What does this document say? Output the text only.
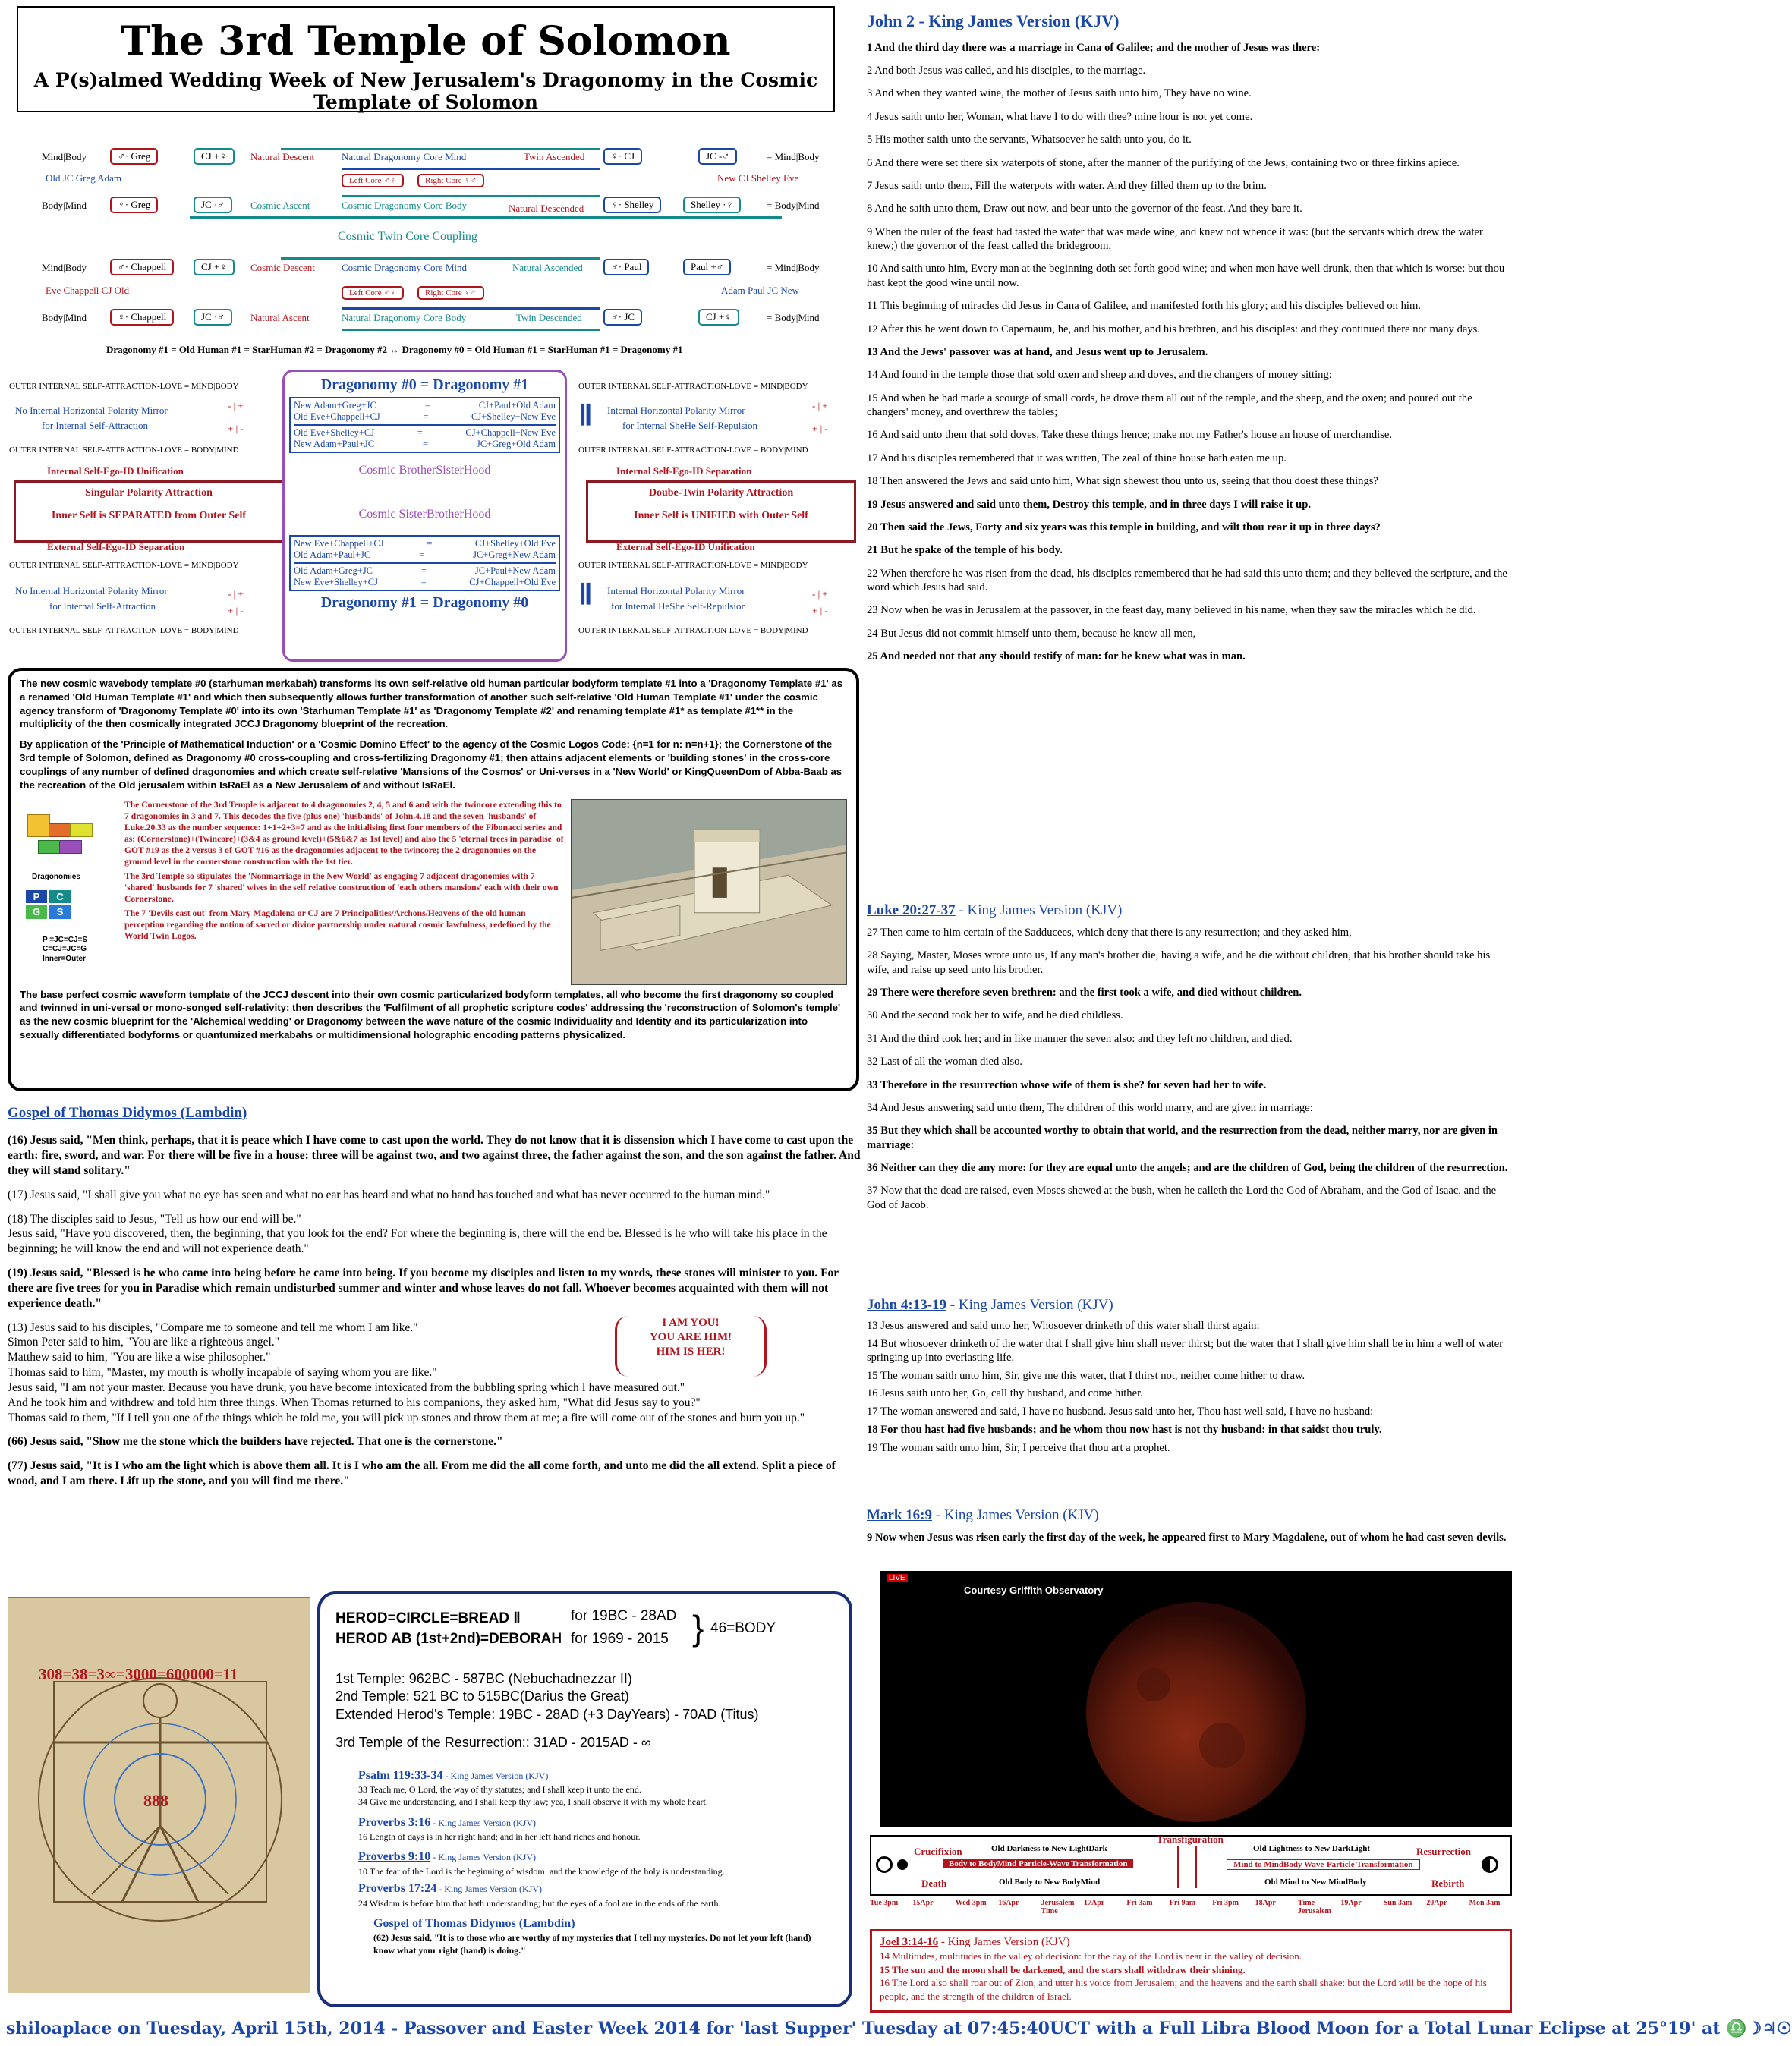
The 3rd Temple of Solomon
A P(s)almed Wedding Week of New Jerusalem's Dragonomy in the Cosmic Template of Solomon
Mind|Body	♂· Greg	CJ +♀	Natural Descent	Natural Dragonomy Core Mind	Twin Ascended	♀· CJ	JC -♂	= Mind|Body
Old JC Greg Adam	Left Core ♂♀	Right Core ♀♂	New CJ Shelley Eve
Body|Mind	♀· Greg	JC ·♂	Cosmic Ascent	Cosmic Dragonomy Core Body	Natural Descended	♀· Shelley	Shelley ·♀	= Body|Mind
Cosmic Twin Core Coupling
Mind|Body	♂· Chappell	CJ +♀	Cosmic Descent	Cosmic Dragonomy Core Mind	Natural Ascended	♂· Paul	Paul +♂	= Mind|Body
Eve Chappell CJ Old	Left Core ♂♀	Right Core ♀♂	Adam Paul JC New
Body|Mind	♀· Chappell	JC ·♂	Natural Ascent	Natural Dragonomy Core Body	Twin Descended	♂· JC	CJ +♀	= Body|Mind
Dragonomy #1 = Old Human #1 = StarHuman #2 = Dragonomy #2 ↔ Dragonomy #0 = Old Human #1 = StarHuman #1 = Dragonomy #1
OUTER INTERNAL SELF-ATTRACTION-LOVE = MIND|BODY
No Internal Horizontal Polarity Mirror
for Internal Self-Attraction
- | +
+ | -
OUTER INTERNAL SELF-ATTRACTION-LOVE = BODY|MIND
Internal Self-Ego-ID Unification
Singular Polarity Attraction
Inner Self is SEPARATED from Outer Self
External Self-Ego-ID Separation
OUTER INTERNAL SELF-ATTRACTION-LOVE = MIND|BODY
No Internal Horizontal Polarity Mirror
for Internal Self-Attraction
- | +
+ | -
OUTER INTERNAL SELF-ATTRACTION-LOVE = BODY|MIND
Dragonomy #0 = Dragonomy #1
New Adam+Greg+JC	=	CJ+Paul+Old Adam
Old Eve+Chappell+CJ	=	CJ+Shelley+New Eve
Old Eve+Shelley+CJ	=	CJ+Chappell+New Eve
New Adam+Paul+JC	=	JC+Greg+Old Adam
Cosmic BrotherSisterHood
Cosmic SisterBrotherHood
New Eve+Chappell+CJ	=	CJ+Shelley+Old Eve
Old Adam+Paul+JC	=	JC+Greg+New Adam
Old Adam+Greg+JC	=	JC+Paul+New Adam
New Eve+Shelley+CJ	=	CJ+Chappell+Old Eve
Dragonomy #1 = Dragonomy #0
OUTER INTERNAL SELF-ATTRACTION-LOVE = MIND|BODY
Ⅱ Internal Horizontal Polarity Mirror
for Internal SheHe Self-Repulsion
- | +
+ | -
OUTER INTERNAL SELF-ATTRACTION-LOVE = BODY|MIND
Internal Self-Ego-ID Separation
Doube-Twin Polarity Attraction
Inner Self is UNIFIED with Outer Self
External Self-Ego-ID Unification
OUTER INTERNAL SELF-ATTRACTION-LOVE = MIND|BODY
Ⅱ Internal Horizontal Polarity Mirror
for Internal HeShe Self-Repulsion
- | +
+ | -
OUTER INTERNAL SELF-ATTRACTION-LOVE = BODY|MIND

The new cosmic wavebody template #0 (starhuman merkabah) transforms its own self-relative old human particular bodyform template #1 into a 'Dragonomy Template #1' as a renamed 'Old Human Template #1' and which then subsequently allows further transformation of another such self-relative 'Old Human Template #1' under the cosmic agency transform of 'Dragonomy Template #0' into its own 'Starhuman Template #1' as 'Dragonomy Template #2' and renaming template #1* as template #1** in the multiplicity of the then cosmically integrated JCCJ Dragonomy blueprint of the recreation.

By application of the 'Principle of Mathematical Induction' or a 'Cosmic Domino Effect' to the agency of the Cosmic Logos Code: {n=1 for n: n=n+1}; the Cornerstone of the 3rd temple of Solomon, defined as Dragonomy #0 cross-coupling and cross-fertilizing Dragonomy #1; then attains adjacent elements or 'building stones' in the cross-core couplings of any number of defined dragonomies and which create self-relative 'Mansions of the Cosmos' or Uni-verses in a 'New World' or KingQueenDom of Abba-Baab as the recreation of the Old jerusalem within IsRaEl as a New Jerusalem of and without IsRaEl.

Dragonomies
P	C
G	S
P =JC=CJ=S
C=CJ=JC=G
Inner=Outer
The Cornerstone of the 3rd Temple is adjacent to 4 dragonomies 2, 4, 5 and 6 and with the twincore extending this to 7 dragonomies in 3 and 7. This decodes the five (plus one) 'husbands' of John.4.18 and the seven 'husbands' of Luke.20.33 as the number sequence: 1+1+2+3=7 and as the initialising first four members of the Fibonacci series and as: (Cornerstone)+(Twincore)+(3&4 as ground level)+(5&6&7 as 1st level) and also the 5 'eternal trees in paradise' of GOT #19 as the 2 versus 3 of GOT #16 as the dragonomies adjacent to the twincore; the 2 dragonomies on the ground level in the cornerstone construction with the 1st tier.
The 3rd Temple so stipulates the 'Nonmarriage in the New World' as engaging 7 adjacent dragonomies with 7 'shared' husbands for 7 'shared' wives in the self relative construction of 'each others mansions' each with their own Cornerstone.
The 7 'Devils cast out' from Mary Magdalena or CJ are 7 Principalities/Archons/Heavens of the old human perception regarding the notion of sacred or divine partnership under natural cosmic lawfulness, redefined by the World Twin Logos.

The base perfect cosmic waveform template of the JCCJ descent into their own cosmic particularized bodyform templates, all who become the first dragonomy so coupled and twinned in uni-versal or mono-songed self-relativity; then describes the 'Fulfilment of all prophetic scripture codes' addressing the 'reconstruction of Solomon's temple' as the new cosmic blueprint for the 'Alchemical wedding' or Dragonomy between the wave nature of the cosmic Individuality and Identity and its particularization into sexually differentiated bodyforms or quantumized merkabahs or multidimensional holographic encoding patterns physicalized.

Gospel of Thomas Didymos (Lambdin)

(16) Jesus said, "Men think, perhaps, that it is peace which I have come to cast upon the world. They do not know that it is dissension which I have come to cast upon the earth: fire, sword, and war. For there will be five in a house: three will be against two, and two against three, the father against the son, and the son against the father. And they will stand solitary."

(17) Jesus said, "I shall give you what no eye has seen and what no ear has heard and what no hand has touched and what has never occurred to the human mind."

(18) The disciples said to Jesus, "Tell us how our end will be."

Jesus said, "Have you discovered, then, the beginning, that you look for the end? For where the beginning is, there will the end be. Blessed is he who will take his place in the beginning; he will know the end and will not experience death."

(19) Jesus said, "Blessed is he who came into being before he came into being. If you become my disciples and listen to my words, these stones will minister to you. For there are five trees for you in Paradise which remain undisturbed summer and winter and whose leaves do not fall. Whoever becomes acquainted with them will not experience death."

(13) Jesus said to his disciples, "Compare me to someone and tell me whom I am like."
Simon Peter said to him, "You are like a righteous angel."
Matthew said to him, "You are like a wise philosopher."
Thomas said to him, "Master, my mouth is wholly incapable of saying whom you are like."
Jesus said, "I am not your master. Because you have drunk, you have become intoxicated from the bubbling spring which I have measured out."
And he took him and withdrew and told him three things. When Thomas returned to his companions, they asked him, "What did Jesus say to you?"
Thomas said to them, "If I tell you one of the things which he told me, you will pick up stones and throw them at me; a fire will come out of the stones and burn you up."
I AM YOU!
YOU ARE HIM!
HIM IS HER!

(66) Jesus said, "Show me the stone which the builders have rejected. That one is the cornerstone."

(77) Jesus said, "It is I who am the light which is above them all. It is I who am the all. From me did the all come forth, and unto me did the all extend. Split a piece of wood, and I am there. Lift up the stone, and you will find me there."

John 2 - King James Version (KJV)

1 And the third day there was a marriage in Cana of Galilee; and the mother of Jesus was there:

2 And both Jesus was called, and his disciples, to the marriage.

3 And when they wanted wine, the mother of Jesus saith unto him, They have no wine.

4 Jesus saith unto her, Woman, what have I to do with thee? mine hour is not yet come.

5 His mother saith unto the servants, Whatsoever he saith unto you, do it.

6 And there were set there six waterpots of stone, after the manner of the purifying of the Jews, containing two or three firkins apiece.

7 Jesus saith unto them, Fill the waterpots with water. And they filled them up to the brim.

8 And he saith unto them, Draw out now, and bear unto the governor of the feast. And they bare it.

9 When the ruler of the feast had tasted the water that was made wine, and knew not whence it was: (but the servants which drew the water knew;) the governor of the feast called the bridegroom,

10 And saith unto him, Every man at the beginning doth set forth good wine; and when men have well drunk, then that which is worse: but thou hast kept the good wine until now.

11 This beginning of miracles did Jesus in Cana of Galilee, and manifested forth his glory; and his disciples believed on him.

12 After this he went down to Capernaum, he, and his mother, and his brethren, and his disciples: and they continued there not many days.

13 And the Jews' passover was at hand, and Jesus went up to Jerusalem.

14 And found in the temple those that sold oxen and sheep and doves, and the changers of money sitting:

15 And when he had made a scourge of small cords, he drove them all out of the temple, and the sheep, and the oxen; and poured out the changers' money, and overthrew the tables;

16 And said unto them that sold doves, Take these things hence; make not my Father's house an house of merchandise.

17 And his disciples remembered that it was written, The zeal of thine house hath eaten me up.

18 Then answered the Jews and said unto him, What sign shewest thou unto us, seeing that thou doest these things?

19 Jesus answered and said unto them, Destroy this temple, and in three days I will raise it up.

20 Then said the Jews, Forty and six years was this temple in building, and wilt thou rear it up in three days?

21 But he spake of the temple of his body.

22 When therefore he was risen from the dead, his disciples remembered that he had said this unto them; and they believed the scripture, and the word which Jesus had said.

23 Now when he was in Jerusalem at the passover, in the feast day, many believed in his name, when they saw the miracles which he did.

24 But Jesus did not commit himself unto them, because he knew all men,

25 And needed not that any should testify of man: for he knew what was in man.

Luke 20:27-37 - King James Version (KJV)

27 Then came to him certain of the Sadducees, which deny that there is any resurrection; and they asked him,

28 Saying, Master, Moses wrote unto us, If any man's brother die, having a wife, and he die without children, that his brother should take his wife, and raise up seed unto his brother.

29 There were therefore seven brethren: and the first took a wife, and died without children.

30 And the second took her to wife, and he died childless.

31 And the third took her; and in like manner the seven also: and they left no children, and died.

32 Last of all the woman died also.

33 Therefore in the resurrection whose wife of them is she? for seven had her to wife.

34 And Jesus answering said unto them, The children of this world marry, and are given in marriage:

35 But they which shall be accounted worthy to obtain that world, and the resurrection from the dead, neither marry, nor are given in marriage:

36 Neither can they die any more: for they are equal unto the angels; and are the children of God, being the children of the resurrection.

37 Now that the dead are raised, even Moses shewed at the bush, when he calleth the Lord the God of Abraham, and the God of Isaac, and the God of Jacob.

John 4:13-19 - King James Version (KJV)
13 Jesus answered and said unto her, Whosoever drinketh of this water shall thirst again:
14 But whosoever drinketh of the water that I shall give him shall never thirst; but the water that I shall give him shall be in him a well of water springing up into everlasting life.
15 The woman saith unto him, Sir, give me this water, that I thirst not, neither come hither to draw.
16 Jesus saith unto her, Go, call thy husband, and come hither.
17 The woman answered and said, I have no husband. Jesus said unto her, Thou hast well said, I have no husband:
18 For thou hast had five husbands; and he whom thou now hast is not thy husband: in that saidst thou truly.
19 The woman saith unto him, Sir, I perceive that thou art a prophet.
Mark 16:9 - King James Version (KJV)
9 Now when Jesus was risen early the first day of the week, he appeared first to Mary Magdalene, out of whom he had cast seven devils.
LIVE
Courtesy Griffith Observatory
Crucifixion
Death
Transfiguration
Resurrection
Rebirth
Old Darkness to New LightDark	Old Lightness to New DarkLight
Body to BodyMind Particle-Wave Transformation	Mind to MindBody Wave-Particle Transformation
Old Body to New BodyMind	Old Mind to New MindBody
Tue 3pm	15Apr	Wed 3pm	16Apr	Jerusalem Time
17Apr	Fri 3am	Fri 9am	Fri 3pm	18Apr	Time Jerusalem
19Apr	Sun 3am	20Apr	Mon 3am
Joel 3:14-16 - King James Version (KJV)
14 Multitudes, multitudes in the valley of decision: for the day of the Lord is near in the valley of decision.
15 The sun and the moon shall be darkened, and the stars shall withdraw their shining.
16 The Lord also shall roar out of Zion, and utter his voice from Jerusalem; and the heavens and the earth shall shake: but the Lord will be the hope of his people, and the strength of the children of Israel.
308=38=3∞=3000=600000=11
888
HEROD=CIRCLE=BREAD Ⅱ	for 19BC - 28AD
HEROD AB (1st+2nd)=DEBORAH for 1969 - 2015 } 46=BODY
1st Temple: 962BC - 587BC (Nebuchadnezzar II)
2nd Temple: 521 BC to 515BC(Darius the Great)
Extended Herod's Temple: 19BC - 28AD (+3 DayYears) - 70AD (Titus)
3rd Temple of the Resurrection:: 31AD - 2015AD - ∞
Psalm 119:33-34 - King James Version (KJV)
33 Teach me, O Lord, the way of thy statutes; and I shall keep it unto the end.
34 Give me understanding, and I shall keep thy law; yea, I shall observe it with my whole heart.
Proverbs 3:16 - King James Version (KJV)
16 Length of days is in her right hand; and in her left hand riches and honour.
Proverbs 9:10 - King James Version (KJV)
10 The fear of the Lord is the beginning of wisdom: and the knowledge of the holy is understanding.
Proverbs 17:24 - King James Version (KJV)
24 Wisdom is before him that hath understanding; but the eyes of a fool are in the ends of the earth.
Gospel of Thomas Didymos (Lambdin)
(62) Jesus said, "It is to those who are worthy of my mysteries that I tell my mysteries. Do not let your left (hand) know what your right (hand) is doing."
shiloaplace on Tuesday, April 15th, 2014 - Passover and Easter Week 2014 for 'last Supper' Tuesday at 07:45:40UCT with a Full Libra Blood Moon for a Total Lunar Eclipse at 25°19' at ♎☽♃☉
